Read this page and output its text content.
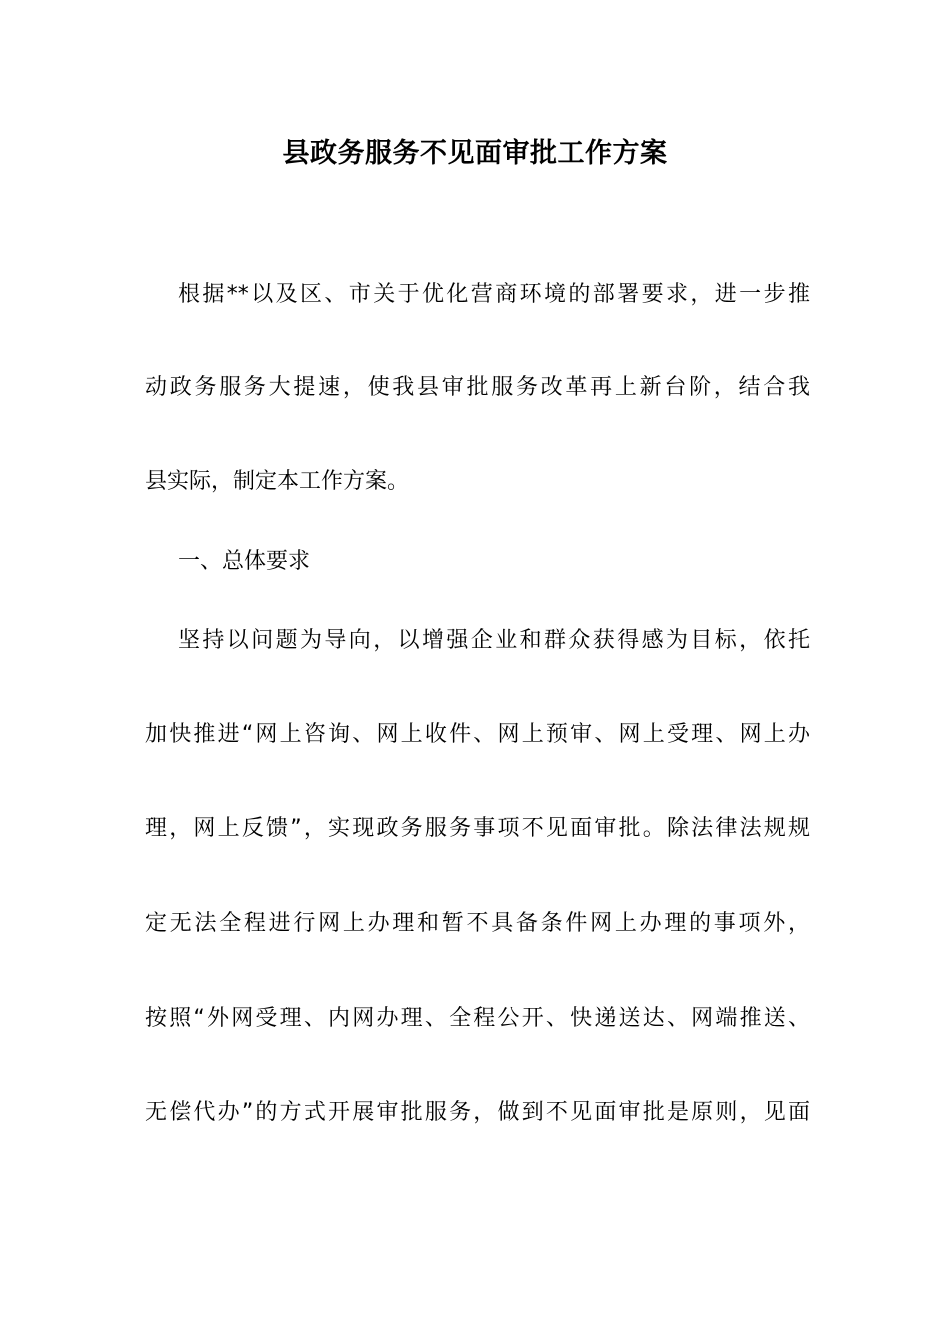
县政务服务不见面审批工作方案
根据**以及区、市关于优化营商环境的部署要求，进一步推
动政务服务大提速，使我县审批服务改革再上新台阶，结合我
县实际，制定本工作方案。
一、总体要求
坚持以问题为导向，以增强企业和群众获得感为目标，依托
加快推进“网上咨询、网上收件、网上预审、网上受理、网上办
理，网上反馈”，实现政务服务事项不见面审批。除法律法规规
定无法全程进行网上办理和暂不具备条件网上办理的事项外，
按照“外网受理、内网办理、全程公开、快递送达、网端推送、
无偿代办”的方式开展审批服务，做到不见面审批是原则，见面
